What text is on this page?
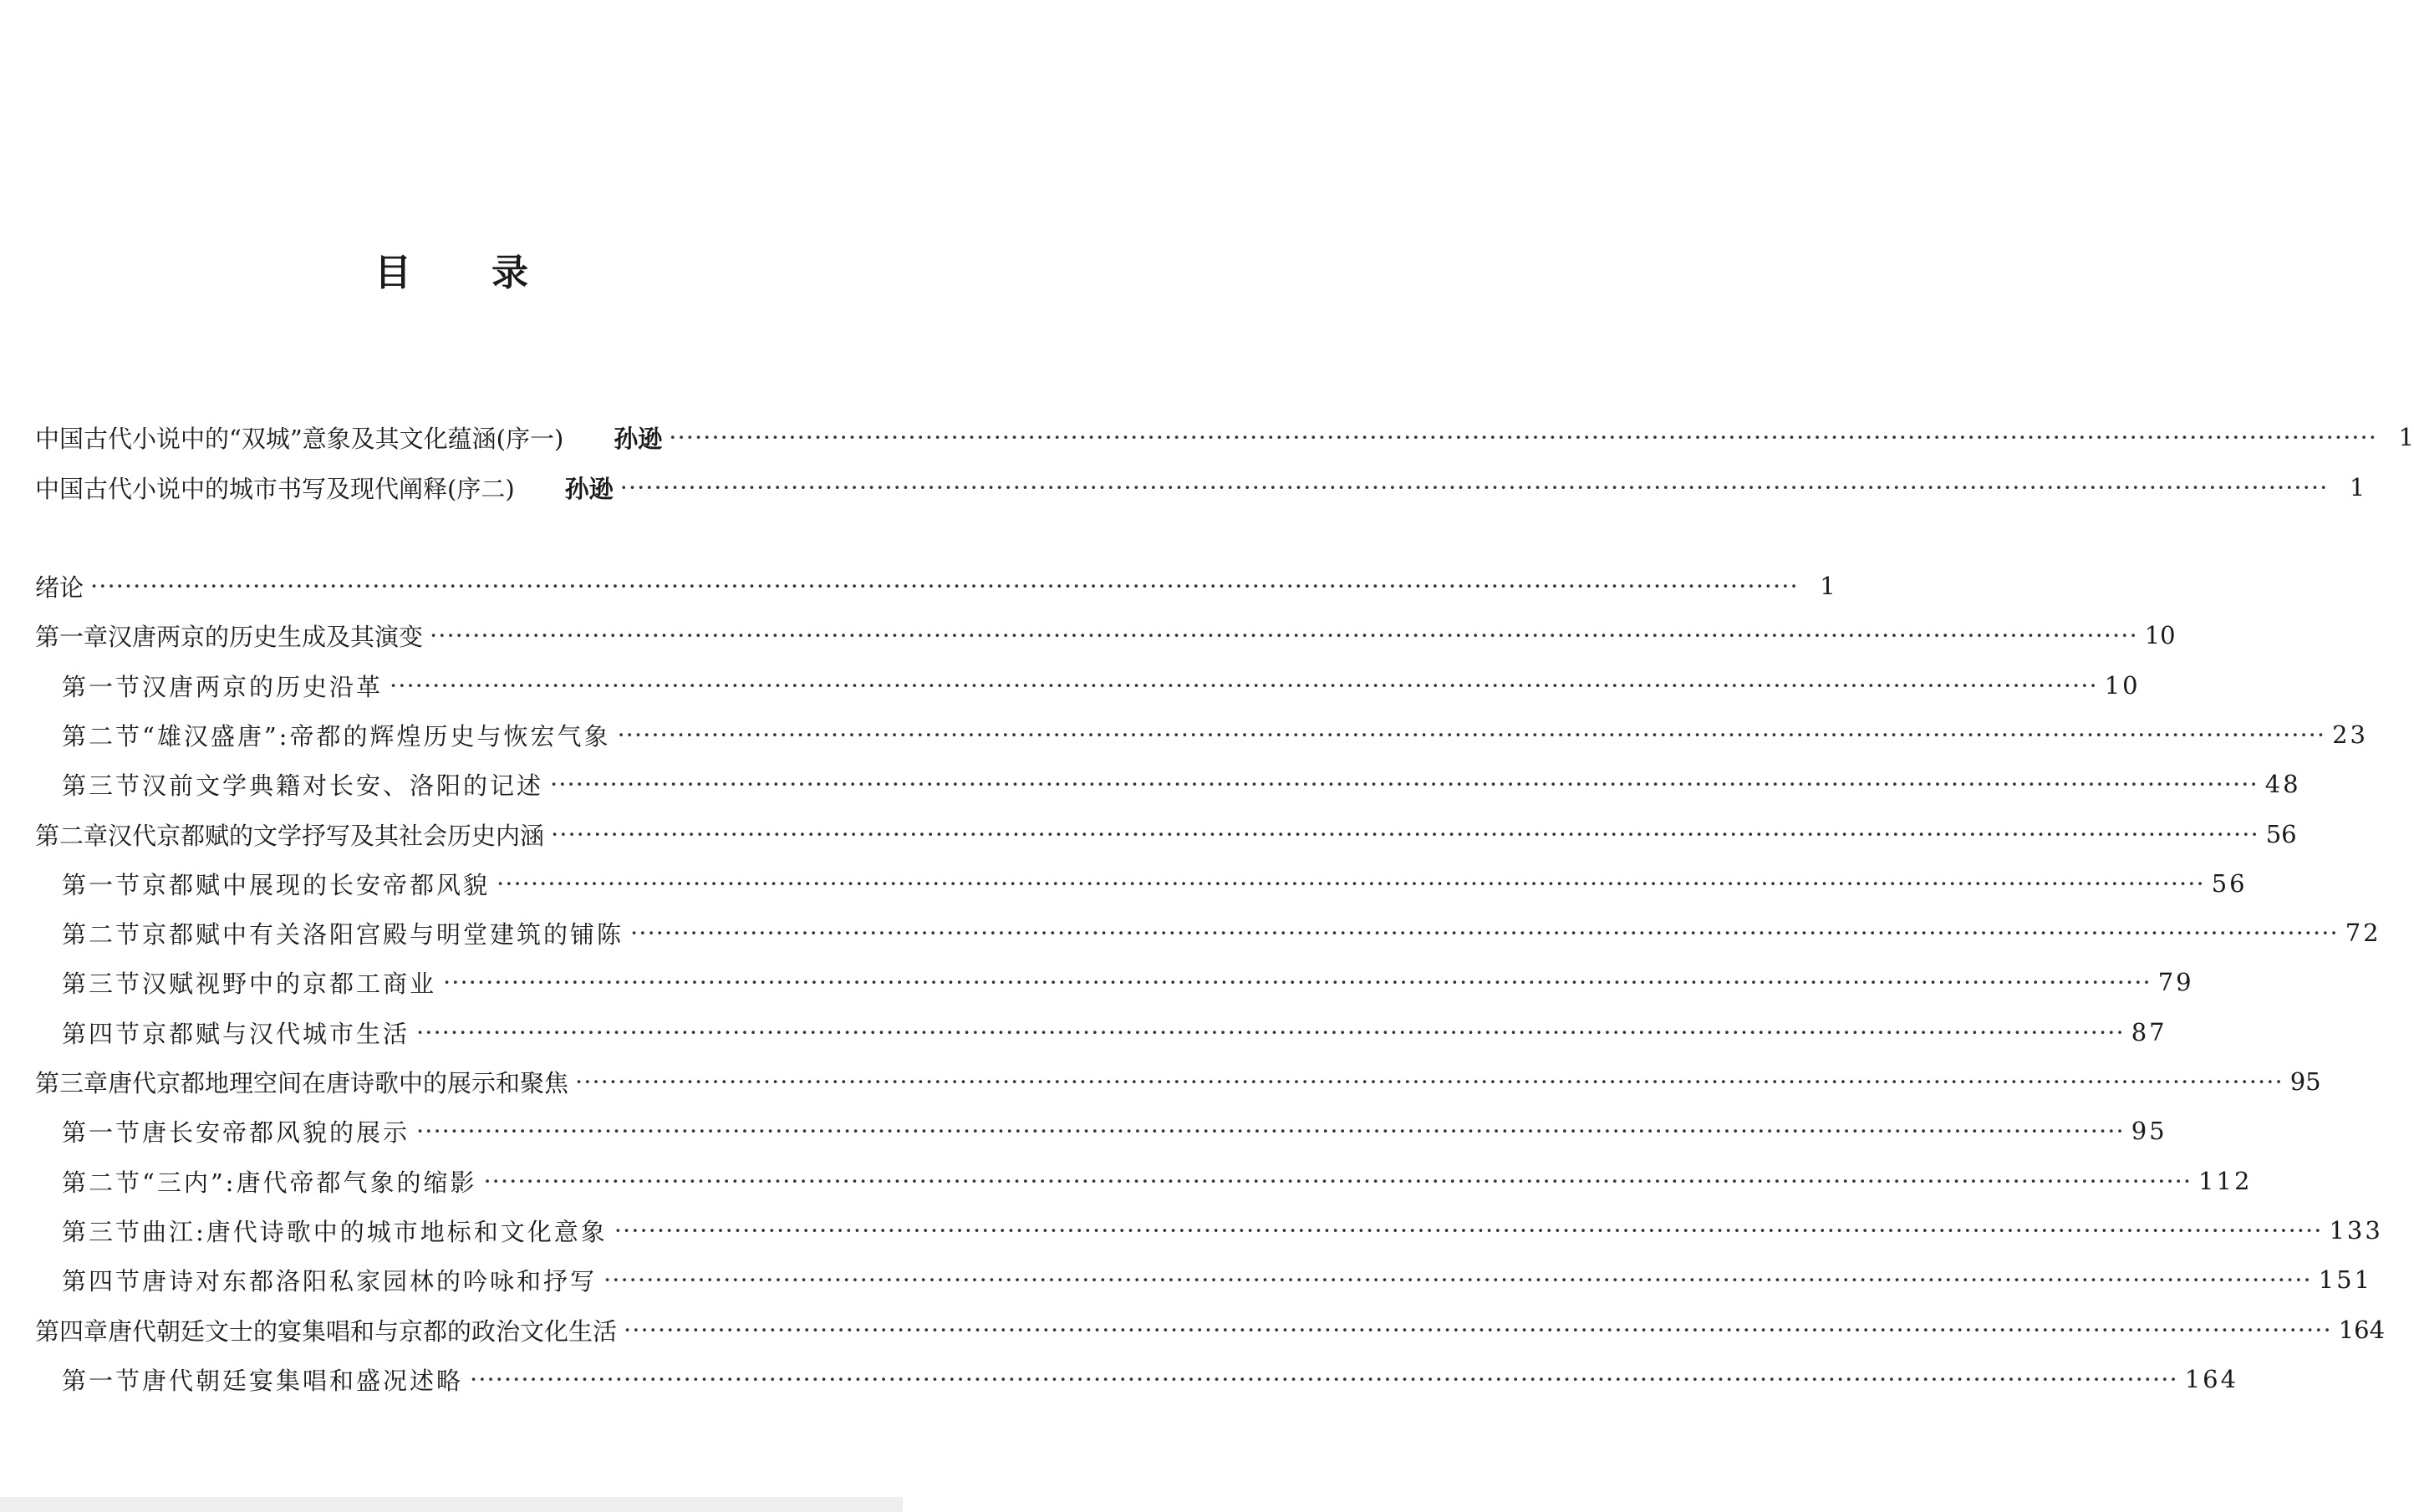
目录
中国古代小说中的“双城”意象及其文化蕴涵(序一) 孙逊 ········································································································································································································ 1
中国古代小说中的城市书写及现代阐释(序二) 孙逊 ········································································································································································································ 1
绪论 ········································································································································································································ 1
第一章 汉唐两京的历史生成及其演变 ········································································································································································································ 10
第一节 汉唐两京的历史沿革 ········································································································································································································ 10
第二节 “雄汉盛唐”:帝都的辉煌历史与恢宏气象 ········································································································································································································ 23
第三节 汉前文学典籍对长安、洛阳的记述 ········································································································································································································ 48
第二章 汉代京都赋的文学抒写及其社会历史内涵 ········································································································································································································ 56
第一节 京都赋中展现的长安帝都风貌 ········································································································································································································ 56
第二节 京都赋中有关洛阳宫殿与明堂建筑的铺陈 ········································································································································································································ 72
第三节 汉赋视野中的京都工商业 ········································································································································································································ 79
第四节 京都赋与汉代城市生活 ········································································································································································································ 87
第三章 唐代京都地理空间在唐诗歌中的展示和聚焦 ········································································································································································································ 95
第一节 唐长安帝都风貌的展示 ········································································································································································································ 95
第二节 “三内”:唐代帝都气象的缩影 ········································································································································································································ 112
第三节 曲江:唐代诗歌中的城市地标和文化意象 ········································································································································································································ 133
第四节 唐诗对东都洛阳私家园林的吟咏和抒写 ········································································································································································································ 151
第四章 唐代朝廷文士的宴集唱和与京都的政治文化生活 ········································································································································································································ 164
第一节 唐代朝廷宴集唱和盛况述略 ········································································································································································································ 164
